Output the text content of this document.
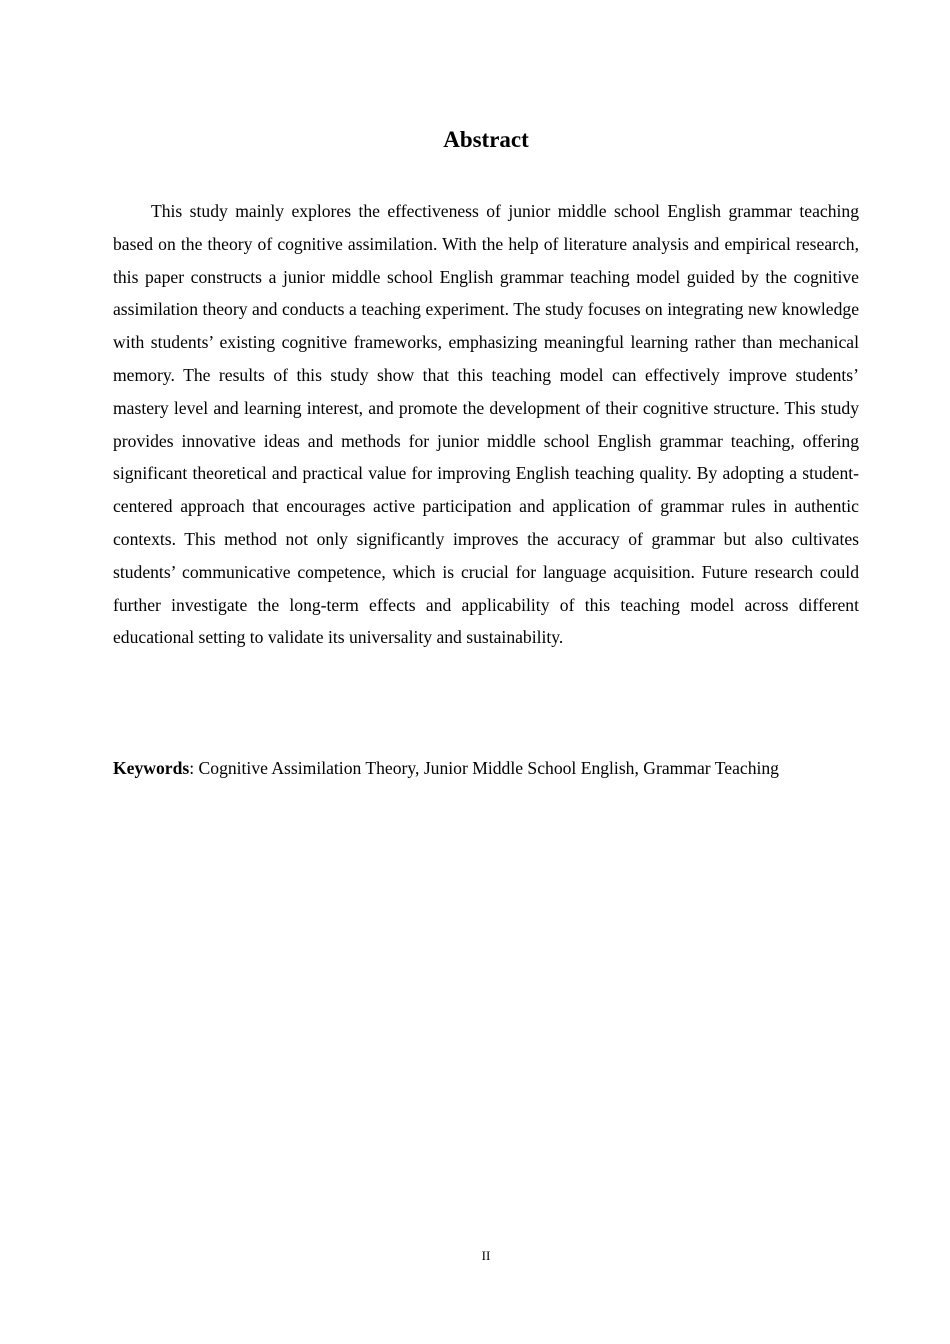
Abstract

This study mainly explores the effectiveness of junior middle school English grammar teaching based on the theory of cognitive assimilation. With the help of literature analysis and empirical research, this paper constructs a junior middle school English grammar teaching model guided by the cognitive assimilation theory and conducts a teaching experiment. The study focuses on integrating new knowledge with students’ existing cognitive frameworks, emphasizing meaningful learning rather than mechanical memory. The results of this study show that this teaching model can effectively improve students’ mastery level and learning interest, and promote the development of their cognitive structure. This study provides innovative ideas and methods for junior middle school English grammar teaching, offering significant theoretical and practical value for improving English teaching quality. By adopting a student-centered approach that encourages active participation and application of grammar rules in authentic contexts. This method not only significantly improves the accuracy of grammar but also cultivates students’ communicative competence, which is crucial for language acquisition. Future research could further investigate the long-term effects and applicability of this teaching model across different educational setting to validate its universality and sustainability.

Keywords: Cognitive Assimilation Theory, Junior Middle School English, Grammar Teaching

II
